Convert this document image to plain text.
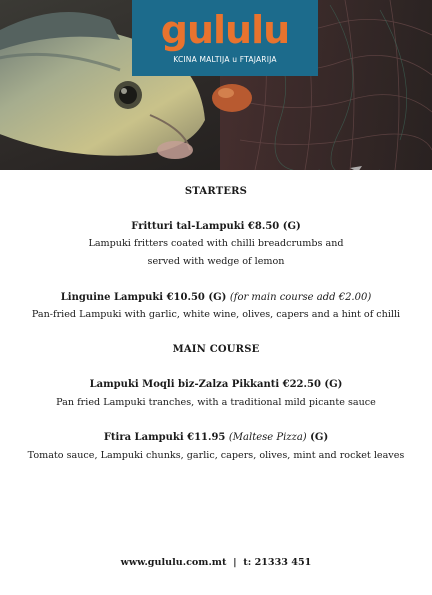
gululu
KCINA MALTIJA u FTAJARIJA
STARTERS
Fritturi tal-Lampuki €8.50 (G)
Lampuki fritters coated with chilli breadcrumbs and
served with wedge of lemon
Linguine Lampuki €10.50 (G) (for main course add €2.00)
Pan-fried Lampuki with garlic, white wine, olives, capers and a hint of chilli
MAIN COURSE
Lampuki Moqli biz-Zalza Pikkanti €22.50 (G)
Pan fried Lampuki tranches, with a traditional mild picante sauce
Ftira Lampuki €11.95 (Maltese Pizza) (G)
Tomato sauce, Lampuki chunks, garlic, capers, olives, mint and rocket leaves
www.gululu.com.mt | t: 21333 451
